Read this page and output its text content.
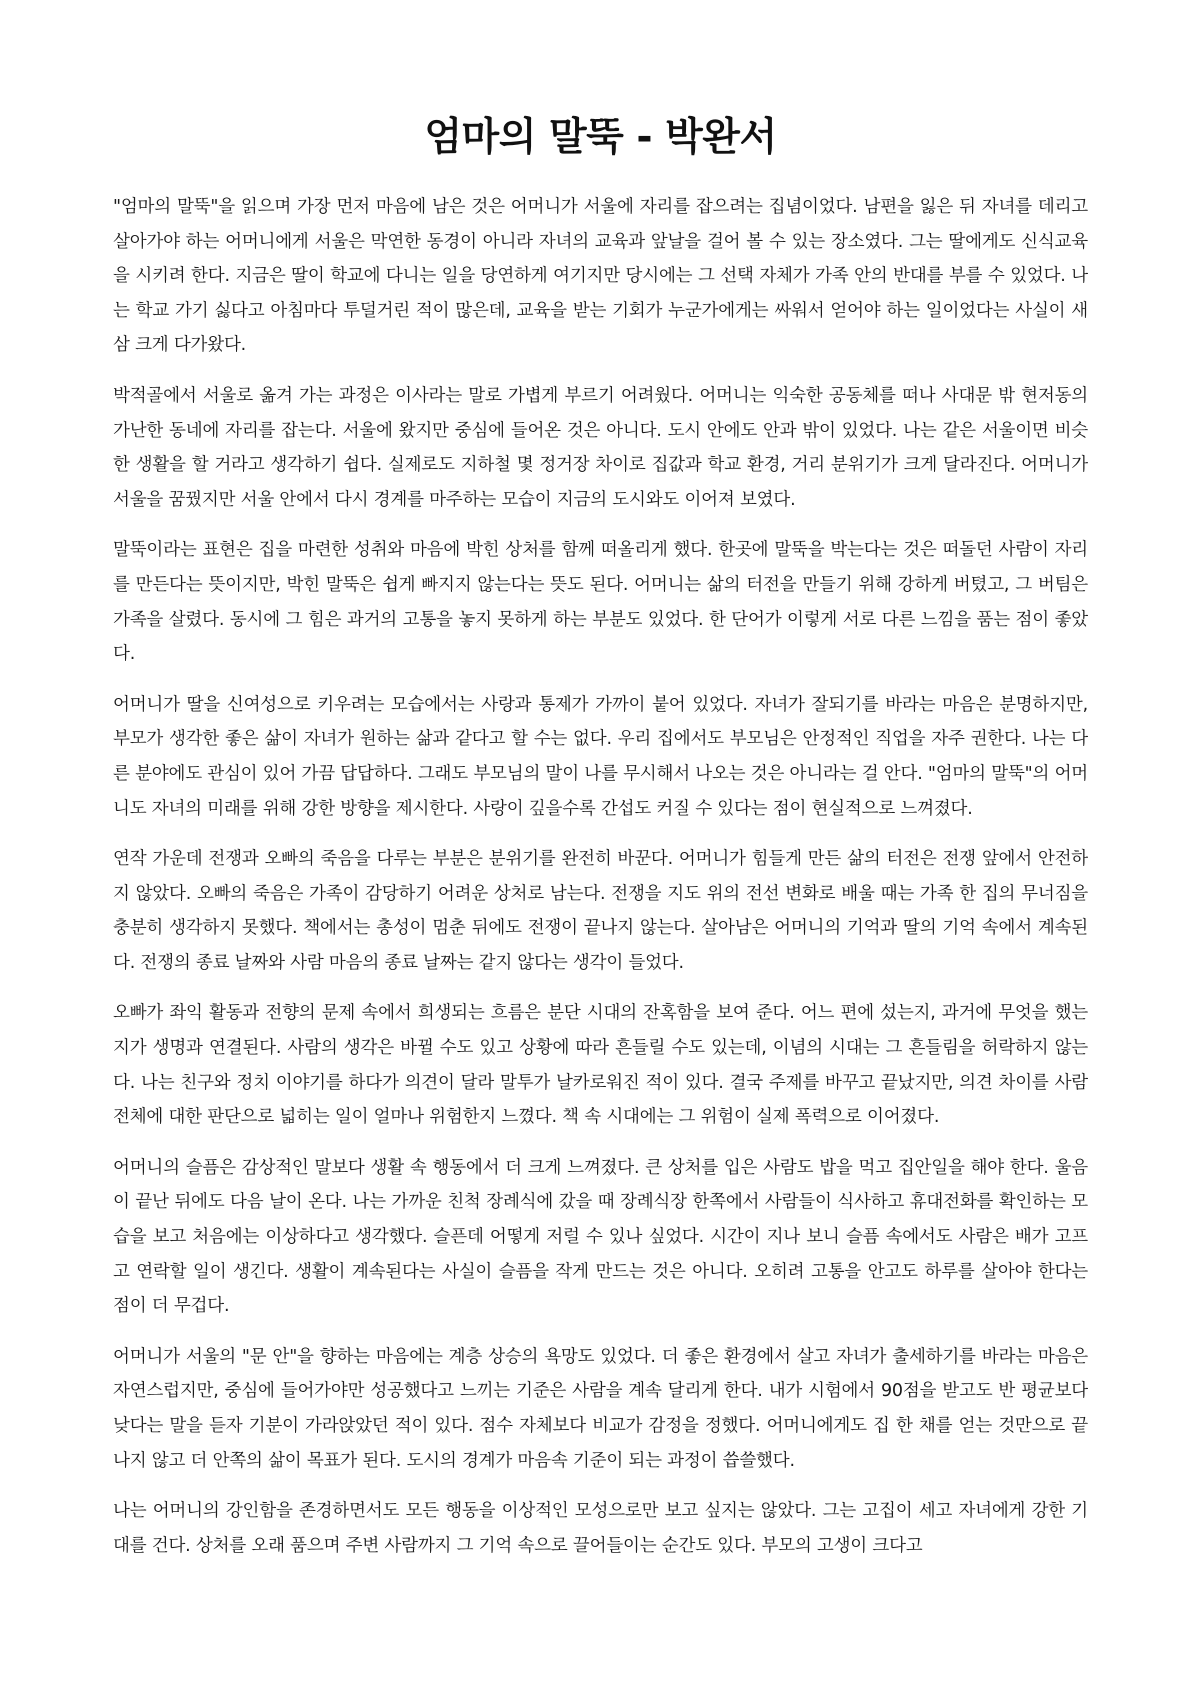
엄마의 말뚝 - 박완서

"엄마의 말뚝"을 읽으며 가장 먼저 마음에 남은 것은 어머니가 서울에 자리를 잡으려는 집념이었다. 남편을 잃은 뒤 자녀를 데리고 살아가야 하는 어머니에게 서울은 막연한 동경이 아니라 자녀의 교육과 앞날을 걸어 볼 수 있는 장소였다. 그는 딸에게도 신식교육을 시키려 한다. 지금은 딸이 학교에 다니는 일을 당연하게 여기지만 당시에는 그 선택 자체가 가족 안의 반대를 부를 수 있었다. 나는 학교 가기 싫다고 아침마다 투덜거린 적이 많은데, 교육을 받는 기회가 누군가에게는 싸워서 얻어야 하는 일이었다는 사실이 새삼 크게 다가왔다.

박적골에서 서울로 옮겨 가는 과정은 이사라는 말로 가볍게 부르기 어려웠다. 어머니는 익숙한 공동체를 떠나 사대문 밖 현저동의 가난한 동네에 자리를 잡는다. 서울에 왔지만 중심에 들어온 것은 아니다. 도시 안에도 안과 밖이 있었다. 나는 같은 서울이면 비슷한 생활을 할 거라고 생각하기 쉽다. 실제로도 지하철 몇 정거장 차이로 집값과 학교 환경, 거리 분위기가 크게 달라진다. 어머니가 서울을 꿈꿨지만 서울 안에서 다시 경계를 마주하는 모습이 지금의 도시와도 이어져 보였다.

말뚝이라는 표현은 집을 마련한 성취와 마음에 박힌 상처를 함께 떠올리게 했다. 한곳에 말뚝을 박는다는 것은 떠돌던 사람이 자리를 만든다는 뜻이지만, 박힌 말뚝은 쉽게 빠지지 않는다는 뜻도 된다. 어머니는 삶의 터전을 만들기 위해 강하게 버텼고, 그 버팀은 가족을 살렸다. 동시에 그 힘은 과거의 고통을 놓지 못하게 하는 부분도 있었다. 한 단어가 이렇게 서로 다른 느낌을 품는 점이 좋았다.

어머니가 딸을 신여성으로 키우려는 모습에서는 사랑과 통제가 가까이 붙어 있었다. 자녀가 잘되기를 바라는 마음은 분명하지만, 부모가 생각한 좋은 삶이 자녀가 원하는 삶과 같다고 할 수는 없다. 우리 집에서도 부모님은 안정적인 직업을 자주 권한다. 나는 다른 분야에도 관심이 있어 가끔 답답하다. 그래도 부모님의 말이 나를 무시해서 나오는 것은 아니라는 걸 안다. "엄마의 말뚝"의 어머니도 자녀의 미래를 위해 강한 방향을 제시한다. 사랑이 깊을수록 간섭도 커질 수 있다는 점이 현실적으로 느껴졌다.

연작 가운데 전쟁과 오빠의 죽음을 다루는 부분은 분위기를 완전히 바꾼다. 어머니가 힘들게 만든 삶의 터전은 전쟁 앞에서 안전하지 않았다. 오빠의 죽음은 가족이 감당하기 어려운 상처로 남는다. 전쟁을 지도 위의 전선 변화로 배울 때는 가족 한 집의 무너짐을 충분히 생각하지 못했다. 책에서는 총성이 멈춘 뒤에도 전쟁이 끝나지 않는다. 살아남은 어머니의 기억과 딸의 기억 속에서 계속된다. 전쟁의 종료 날짜와 사람 마음의 종료 날짜는 같지 않다는 생각이 들었다.

오빠가 좌익 활동과 전향의 문제 속에서 희생되는 흐름은 분단 시대의 잔혹함을 보여 준다. 어느 편에 섰는지, 과거에 무엇을 했는지가 생명과 연결된다. 사람의 생각은 바뀔 수도 있고 상황에 따라 흔들릴 수도 있는데, 이념의 시대는 그 흔들림을 허락하지 않는다. 나는 친구와 정치 이야기를 하다가 의견이 달라 말투가 날카로워진 적이 있다. 결국 주제를 바꾸고 끝났지만, 의견 차이를 사람 전체에 대한 판단으로 넓히는 일이 얼마나 위험한지 느꼈다. 책 속 시대에는 그 위험이 실제 폭력으로 이어졌다.

어머니의 슬픔은 감상적인 말보다 생활 속 행동에서 더 크게 느껴졌다. 큰 상처를 입은 사람도 밥을 먹고 집안일을 해야 한다. 울음이 끝난 뒤에도 다음 날이 온다. 나는 가까운 친척 장례식에 갔을 때 장례식장 한쪽에서 사람들이 식사하고 휴대전화를 확인하는 모습을 보고 처음에는 이상하다고 생각했다. 슬픈데 어떻게 저럴 수 있나 싶었다. 시간이 지나 보니 슬픔 속에서도 사람은 배가 고프고 연락할 일이 생긴다. 생활이 계속된다는 사실이 슬픔을 작게 만드는 것은 아니다. 오히려 고통을 안고도 하루를 살아야 한다는 점이 더 무겁다.

어머니가 서울의 "문 안"을 향하는 마음에는 계층 상승의 욕망도 있었다. 더 좋은 환경에서 살고 자녀가 출세하기를 바라는 마음은 자연스럽지만, 중심에 들어가야만 성공했다고 느끼는 기준은 사람을 계속 달리게 한다. 내가 시험에서 90점을 받고도 반 평균보다 낮다는 말을 듣자 기분이 가라앉았던 적이 있다. 점수 자체보다 비교가 감정을 정했다. 어머니에게도 집 한 채를 얻는 것만으로 끝나지 않고 더 안쪽의 삶이 목표가 된다. 도시의 경계가 마음속 기준이 되는 과정이 씁쓸했다.

나는 어머니의 강인함을 존경하면서도 모든 행동을 이상적인 모성으로만 보고 싶지는 않았다. 그는 고집이 세고 자녀에게 강한 기대를 건다. 상처를 오래 품으며 주변 사람까지 그 기억 속으로 끌어들이는 순간도 있다. 부모의 고생이 크다고
